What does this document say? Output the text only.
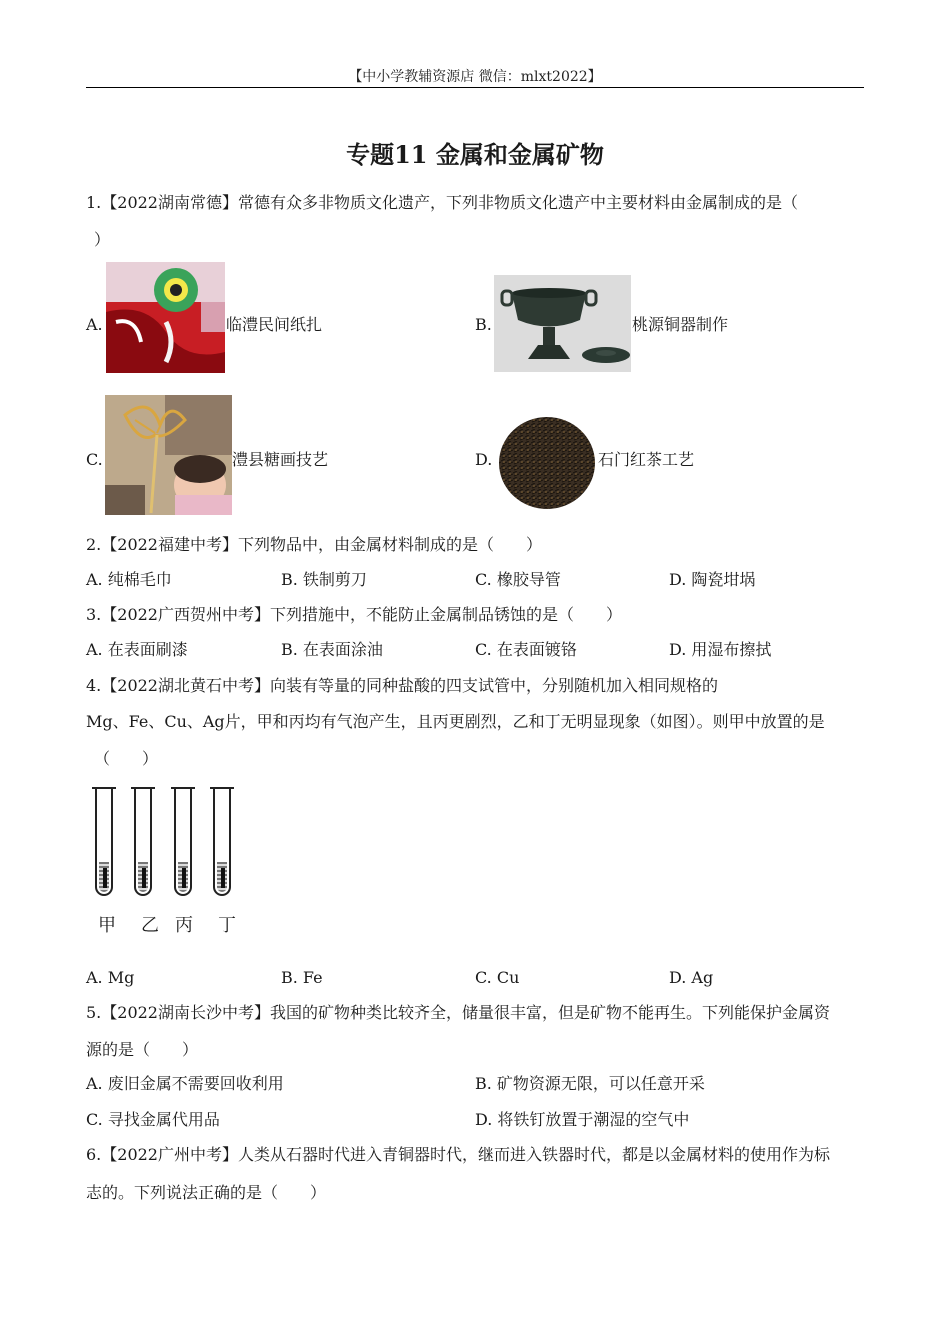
【中小学教辅资源店 微信：mlxt2022】
专题11 金属和金属矿物
1.【2022湖南常德】常德有众多非物质文化遗产，下列非物质文化遗产中主要材料由金属制成的是（
）
A.	临澧民间纸扎	B.	桃源铜器制作
C.	澧县糖画技艺	D.	石门红茶工艺
2.【2022福建中考】下列物品中，由金属材料制成的是（　　）
A. 纯棉毛巾	B. 铁制剪刀	C. 橡胶导管	D. 陶瓷坩埚
3.【2022广西贺州中考】下列措施中，不能防止金属制品锈蚀的是（　　）
A. 在表面刷漆	B. 在表面涂油	C. 在表面镀铬	D. 用湿布擦拭
4.【2022湖北黄石中考】向装有等量的同种盐酸的四支试管中，分别随机加入相同规格的
Mg、Fe、Cu、Ag片，甲和丙均有气泡产生，且丙更剧烈，乙和丁无明显现象（如图）。则甲中放置的是
（　　）
甲 乙 丙 丁
A. Mg	B. Fe	C. Cu	D. Ag
5.【2022湖南长沙中考】我国的矿物种类比较齐全，储量很丰富，但是矿物不能再生。下列能保护金属资
源的是（　　）
A. 废旧金属不需要回收利用	B. 矿物资源无限，可以任意开采
C. 寻找金属代用品	D. 将铁钉放置于潮湿的空气中
6.【2022广州中考】人类从石器时代进入青铜器时代，继而进入铁器时代，都是以金属材料的使用作为标
志的。下列说法正确的是（　　）
